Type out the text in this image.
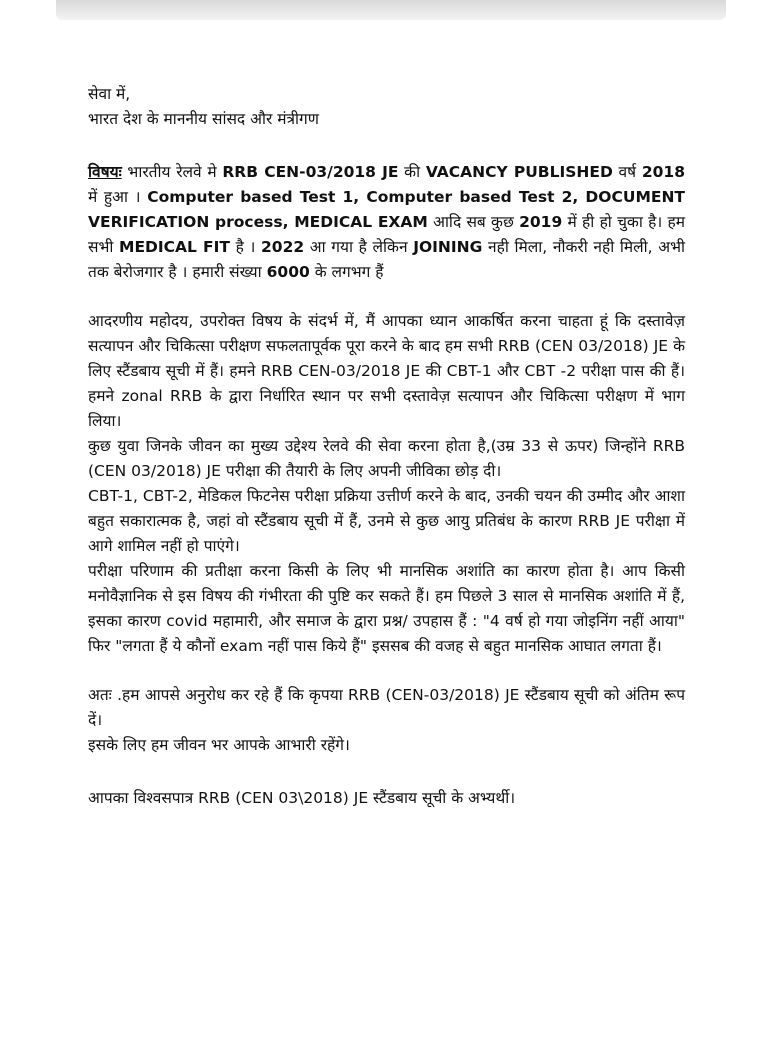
सेवा में,
भारत देश के माननीय सांसद और मंत्रीगण

विषयः भारतीय रेलवे मे RRB CEN-03/2018 JE की VACANCY PUBLISHED वर्ष 2018 में हुआ । Computer based Test 1, Computer based Test 2, DOCUMENT VERIFICATION process, MEDICAL EXAM आदि सब कुछ 2019 में ही हो चुका है। हम सभी MEDICAL FIT है । 2022 आ गया है लेकिन JOINING नही मिला, नौकरी नही मिली, अभी तक बेरोजगार है । हमारी संख्या 6000 के लगभग हैं

आदरणीय महोदय, उपरोक्त विषय के संदर्भ में, मैं आपका ध्यान आकर्षित करना चाहता हूं कि दस्तावेज़ सत्यापन और चिकित्सा परीक्षण सफलतापूर्वक पूरा करने के बाद हम सभी RRB (CEN 03/2018) JE के लिए स्टैंडबाय सूची में हैं। हमने RRB CEN-03/2018 JE की CBT-1 और CBT -2 परीक्षा पास की हैं। हमने zonal RRB के द्वारा निर्धारित स्थान पर सभी दस्तावेज़ सत्यापन और चिकित्सा परीक्षण में भाग लिया।

कुछ युवा जिनके जीवन का मुख्य उद्देश्य रेलवे की सेवा करना होता है,(उम्र 33 से ऊपर) जिन्होंने RRB (CEN 03/2018) JE परीक्षा की तैयारी के लिए अपनी जीविका छोड़ दी।

CBT-1, CBT-2, मेडिकल फिटनेस परीक्षा प्रक्रिया उत्तीर्ण करने के बाद, उनकी चयन की उम्मीद और आशा बहुत सकारात्मक है, जहां वो स्टैंडबाय सूची में हैं, उनमे से कुछ आयु प्रतिबंध के कारण RRB JE परीक्षा में आगे शामिल नहीं हो पाएंगे।

परीक्षा परिणाम की प्रतीक्षा करना किसी के लिए भी मानसिक अशांति का कारण होता है। आप किसी मनोवैज्ञानिक से इस विषय की गंभीरता की पुष्टि कर सकते हैं। हम पिछले 3 साल से मानसिक अशांति में हैं, इसका कारण covid महामारी, और समाज के द्वारा प्रश्न/ उपहास हैं : "4 वर्ष हो गया जोइनिंग नहीं आया" फिर "लगता हैं ये कौनों exam नहीं पास किये हैं" इससब की वजह से बहुत मानसिक आघात लगता हैं।

अतः .हम आपसे अनुरोध कर रहे हैं कि कृपया RRB (CEN-03/2018) JE स्टैंडबाय सूची को अंतिम रूप दें।

इसके लिए हम जीवन भर आपके आभारी रहेंगे।

आपका विश्वसपात्र RRB (CEN 03\2018) JE स्टैंडबाय सूची के अभ्यर्थी।
